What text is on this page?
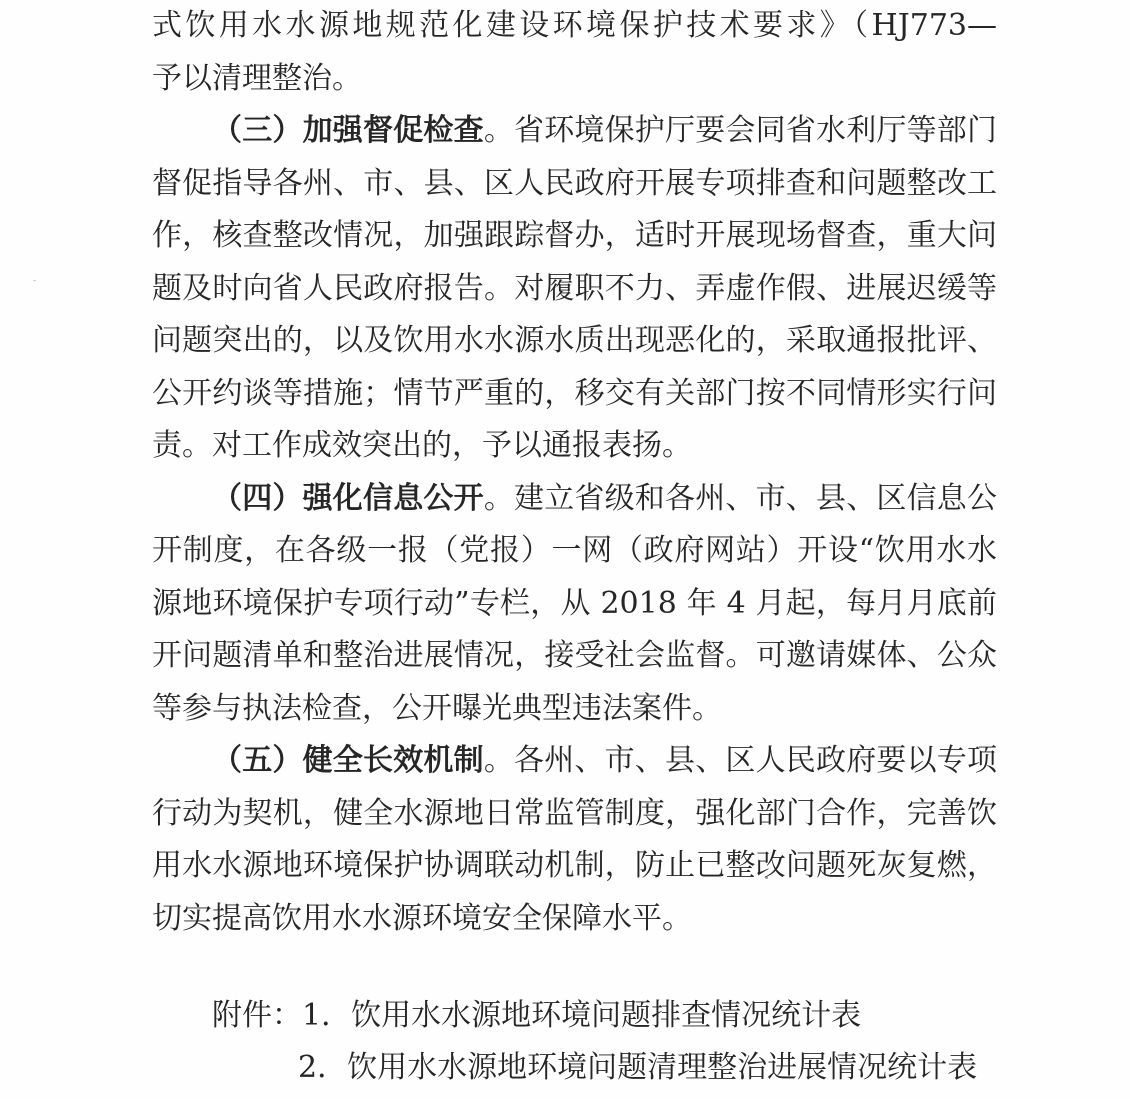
式饮用水水源地规范化建设环境保护技术要求》（HJ773—
予以清理整治。
（三）加强督促检查。省环境保护厅要会同省水利厅等部门
督促指导各州、市、县、区人民政府开展专项排查和问题整改工
作，核查整改情况，加强跟踪督办，适时开展现场督查，重大问
题及时向省人民政府报告。对履职不力、弄虚作假、进展迟缓等
问题突出的，以及饮用水水源水质出现恶化的，采取通报批评、
公开约谈等措施；情节严重的，移交有关部门按不同情形实行问
责。对工作成效突出的，予以通报表扬。
（四）强化信息公开。建立省级和各州、市、县、区信息公
开制度，在各级一报（党报）一网（政府网站）开设“饮用水水
源地环境保护专项行动”专栏，从 2018 年 4 月起，每月月底前
开问题清单和整治进展情况，接受社会监督。可邀请媒体、公众
等参与执法检查，公开曝光典型违法案件。
（五）健全长效机制。各州、市、县、区人民政府要以专项
行动为契机，健全水源地日常监管制度，强化部门合作，完善饮
用水水源地环境保护协调联动机制，防止已整改问题死灰复燃，
切实提高饮用水水源环境安全保障水平。
附件：1．饮用水水源地环境问题排查情况统计表
2．饮用水水源地环境问题清理整治进展情况统计表
